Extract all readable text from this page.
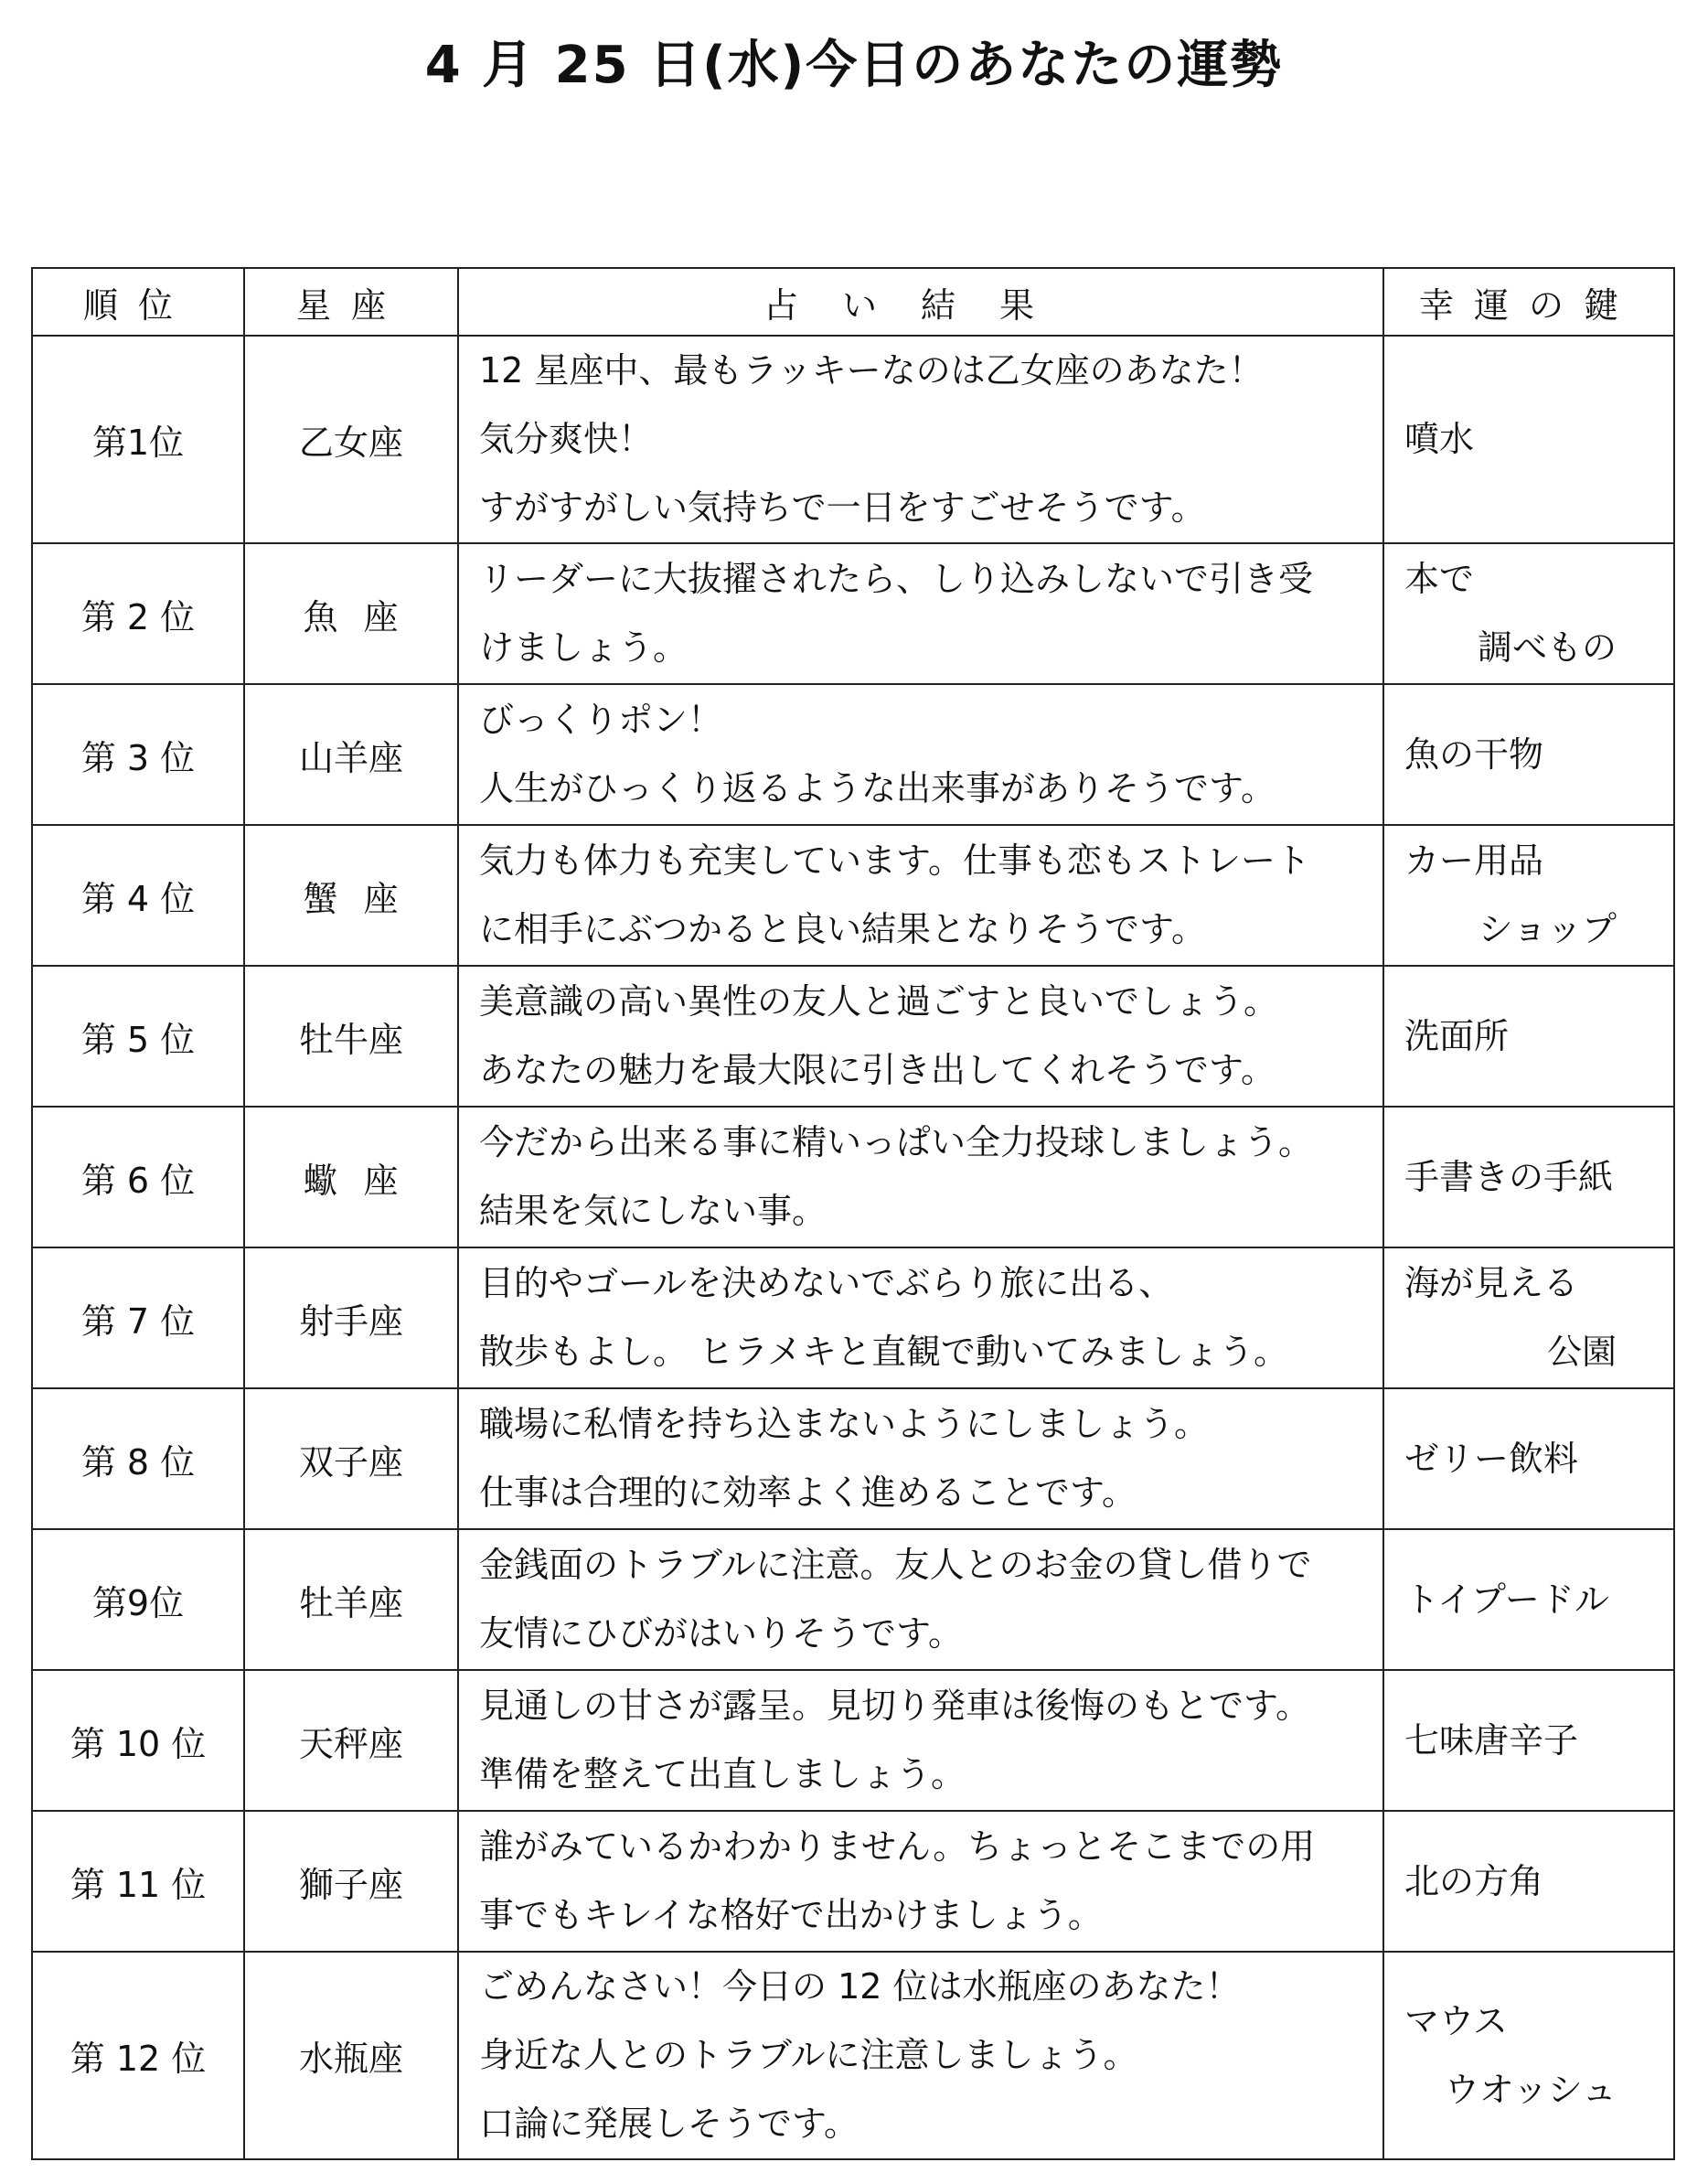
4 月 25 日(水)今日のあなたの運勢
順位	星座	占い結果	幸運の鍵
第1位	乙女座	12 星座中、最もラッキーなのは乙女座のあなた！
気分爽快！
すがすがしい気持ちで一日をすごせそうです。	噴水

第 2 位	魚座	リーダーに大抜擢されたら、しり込みしないで引き受
けましょう。	本で
調べもの

第 3 位	山羊座	びっくりポン！
人生がひっくり返るような出来事がありそうです。	魚の干物

第 4 位	蟹座	気力も体力も充実しています。仕事も恋もストレート
に相手にぶつかると良い結果となりそうです。	カー用品
ショップ

第 5 位	牡牛座	美意識の高い異性の友人と過ごすと良いでしょう。
あなたの魅力を最大限に引き出してくれそうです。	洗面所

第 6 位	蠍座	今だから出来る事に精いっぱい全力投球しましょう。
結果を気にしない事。	手書きの手紙

第 7 位	射手座	目的やゴールを決めないでぶらり旅に出る、
散歩もよし。 ヒラメキと直観で動いてみましょう。	海が見える
公園

第 8 位	双子座	職場に私情を持ち込まないようにしましょう。
仕事は合理的に効率よく進めることです。	ゼリー飲料

第9位	牡羊座	金銭面のトラブルに注意。友人とのお金の貸し借りで
友情にひびがはいりそうです。	トイプードル

第 10 位	天秤座	見通しの甘さが露呈。見切り発車は後悔のもとです。
準備を整えて出直しましょう。	七味唐辛子

第 11 位	獅子座	誰がみているかわかりません。ちょっとそこまでの用
事でもキレイな格好で出かけましょう。	北の方角

第 12 位	水瓶座	ごめんなさい！今日の 12 位は水瓶座のあなた！
身近な人とのトラブルに注意しましょう。
口論に発展しそうです。	マウス
ウオッシュ
